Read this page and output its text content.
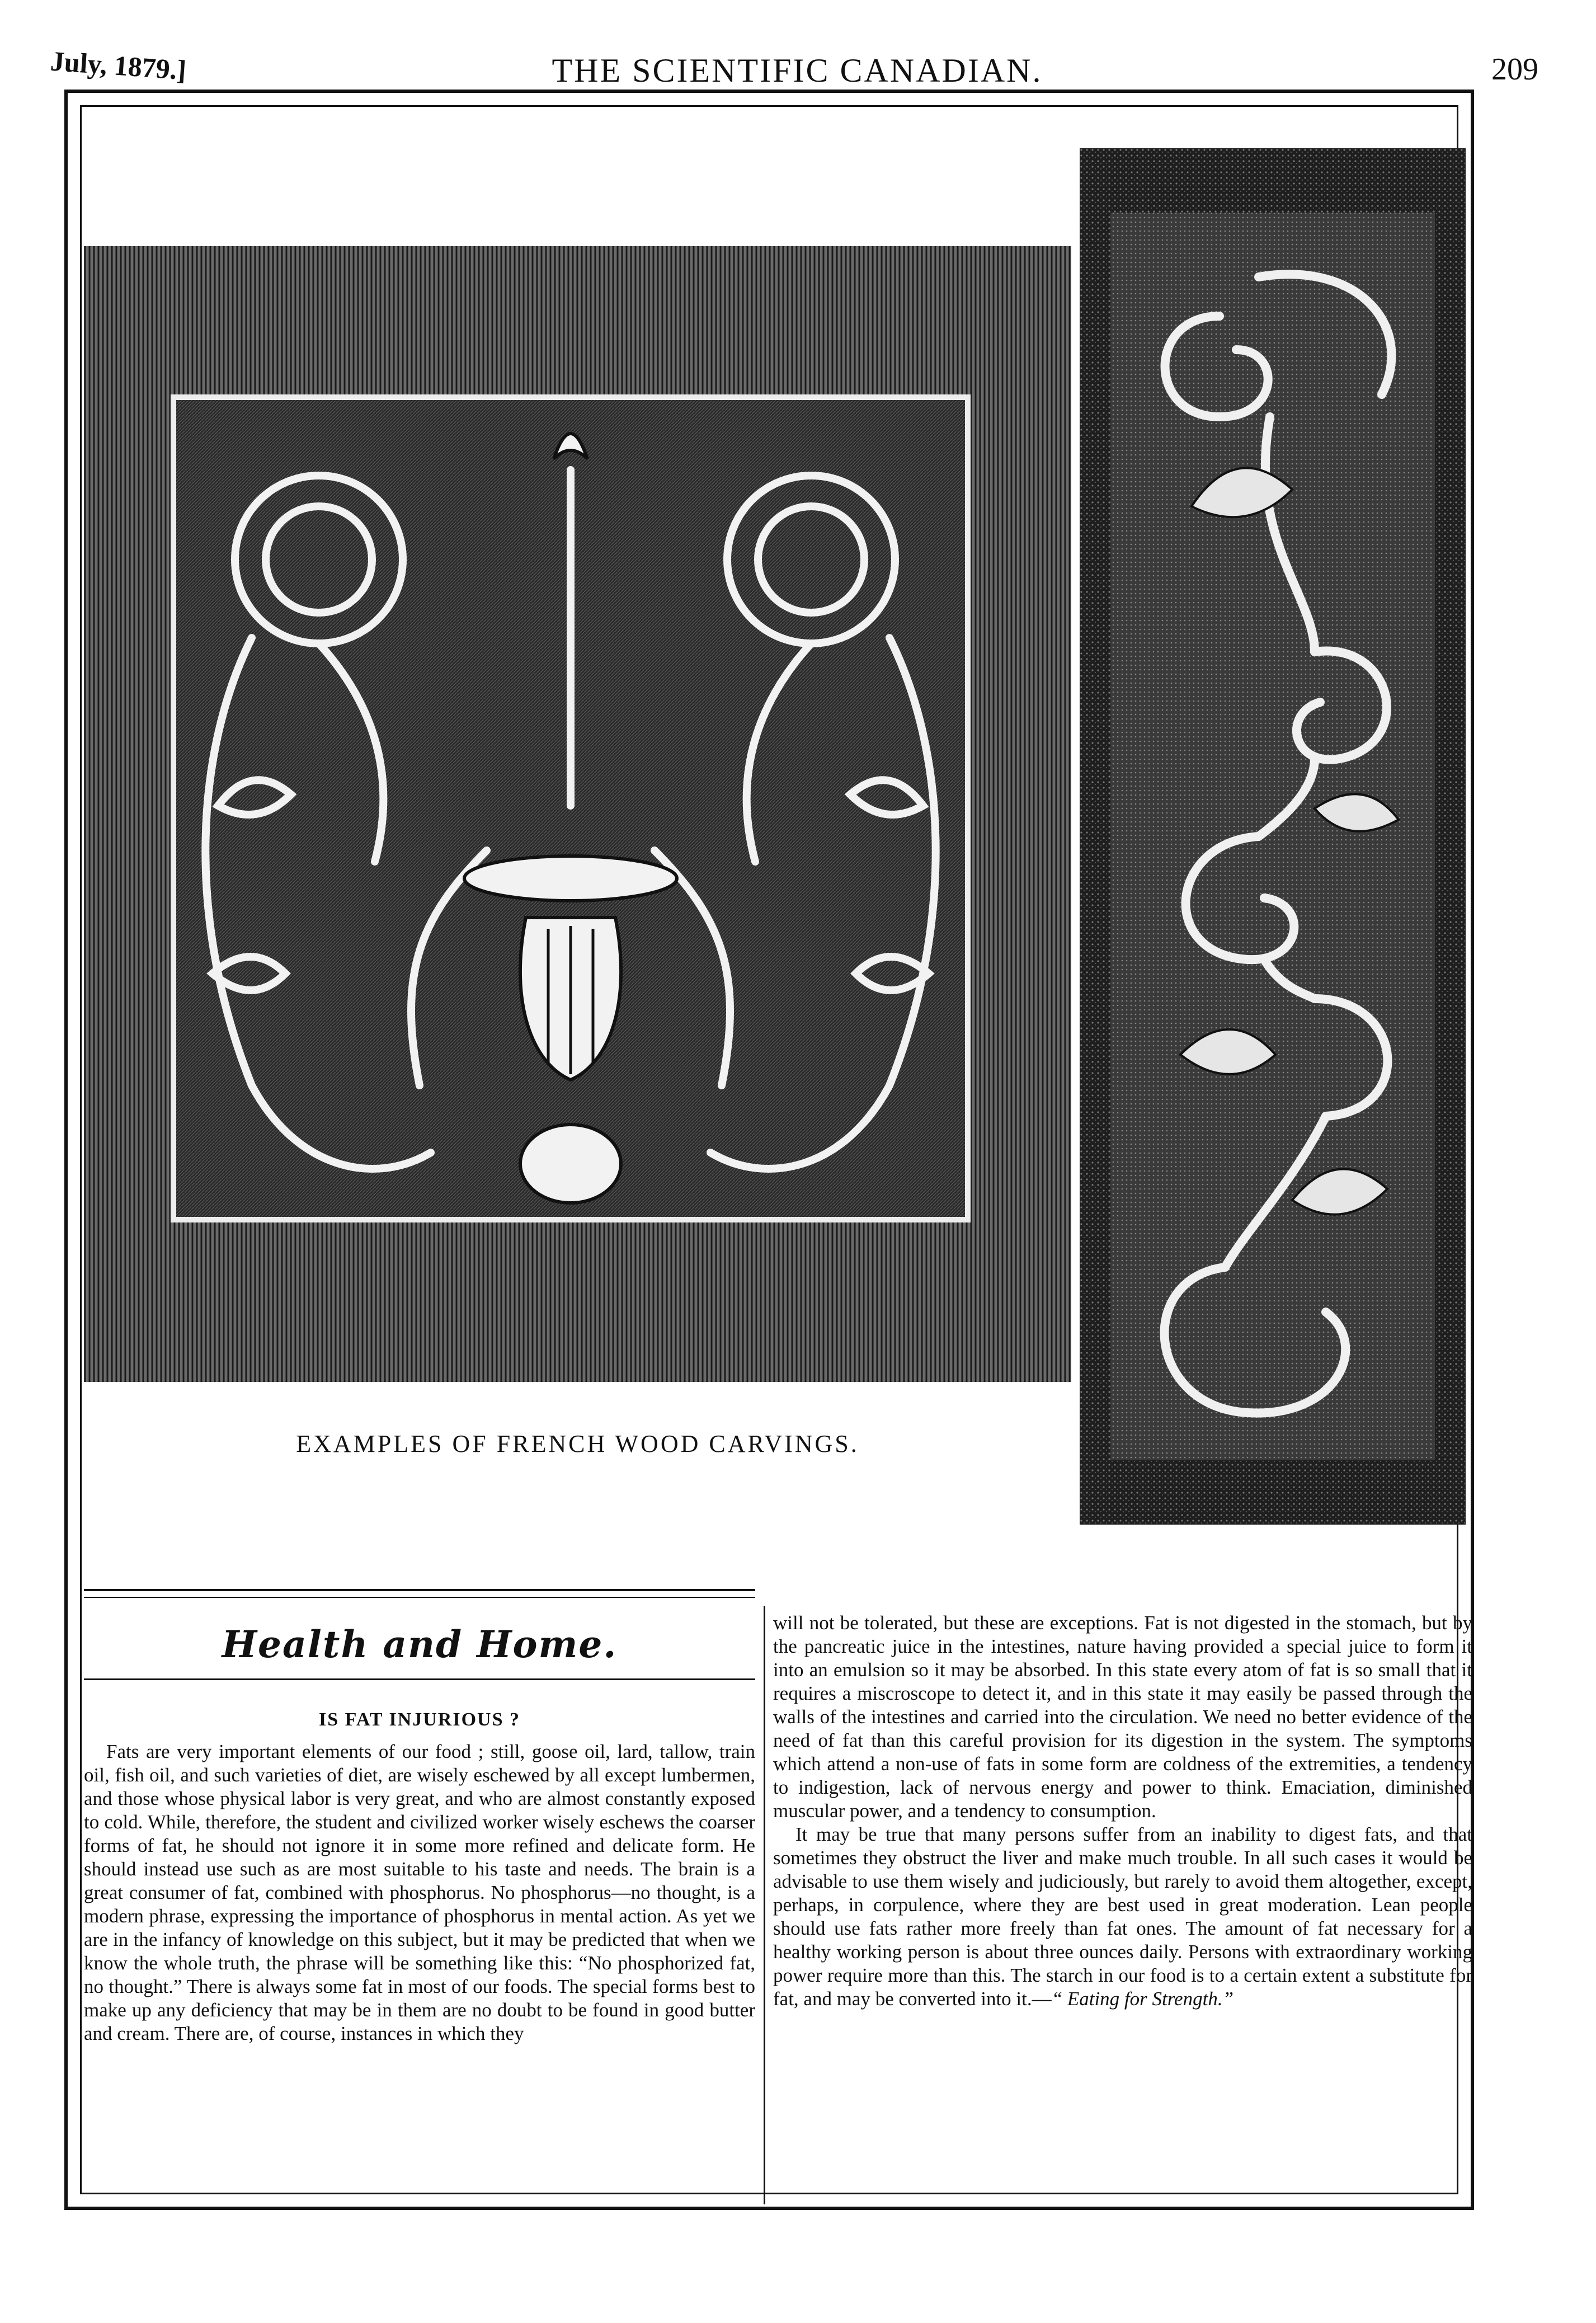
July, 1879.]	THE SCIENTIFIC CANADIAN.	209
EXAMPLES OF FRENCH WOOD CARVINGS.
Health and Home.
IS FAT INJURIOUS ?

Fats are very important elements of our food ; still, goose oil, lard, tallow, train oil, fish oil, and such varieties of diet, are wisely eschewed by all except lumbermen, and those whose physical labor is very great, and who are almost constantly exposed to cold. While, therefore, the student and civilized worker wisely eschews the coarser forms of fat, he should not ignore it in some more refined and delicate form. He should instead use such as are most suitable to his taste and needs. The brain is a great consumer of fat, combined with phosphorus. No phosphorus—no thought, is a modern phrase, expressing the importance of phosphorus in mental action. As yet we are in the infancy of knowledge on this subject, but it may be predicted that when we know the whole truth, the phrase will be something like this: “No phosphorized fat, no thought.” There is always some fat in most of our foods. The special forms best to make up any deficiency that may be in them are no doubt to be found in good butter and cream. There are, of course, instances in which they

will not be tolerated, but these are exceptions. Fat is not digested in the stomach, but by the pancreatic juice in the intestines, nature having provided a special juice to form it into an emulsion so it may be absorbed. In this state every atom of fat is so small that it requires a miscroscope to detect it, and in this state it may easily be passed through the walls of the intestines and carried into the circulation. We need no better evidence of the need of fat than this careful provision for its digestion in the system. The symptoms which attend a non-use of fats in some form are coldness of the extremities, a tendency to indigestion, lack of nervous energy and power to think. Emaciation, diminished muscular power, and a tendency to consumption.

It may be true that many persons suffer from an inability to digest fats, and that sometimes they obstruct the liver and make much trouble. In all such cases it would be advisable to use them wisely and judiciously, but rarely to avoid them altogether, except, perhaps, in corpulence, where they are best used in great moderation. Lean people should use fats rather more freely than fat ones. The amount of fat necessary for a healthy working person is about three ounces daily. Persons with extraordinary working power require more than this. The starch in our food is to a certain extent a substitute for fat, and may be converted into it.—“ Eating for Strength.”
